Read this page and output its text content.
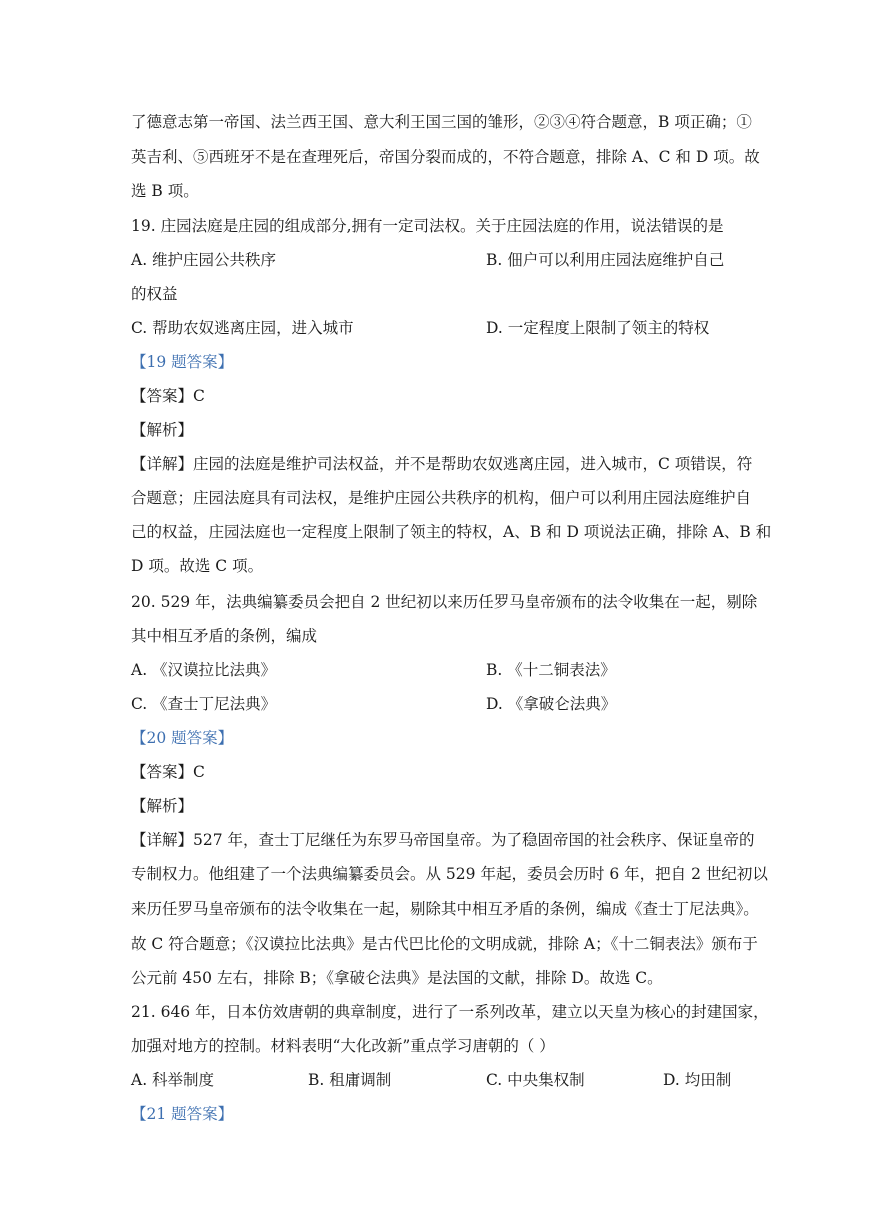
了德意志第一帝国、法兰西王国、意大利王国三国的雏形，②③④符合题意，B 项正确；①
英吉利、⑤西班牙不是在查理死后，帝国分裂而成的，不符合题意，排除 A、C 和 D 项。故
选 B 项。
19. 庄园法庭是庄园的组成部分,拥有一定司法权。关于庄园法庭的作用，说法错误的是
A. 维护庄园公共秩序	B. 佃户可以利用庄园法庭维护自己
的权益
C. 帮助农奴逃离庄园，进入城市	D. 一定程度上限制了领主的特权
【19 题答案】
【答案】C
【解析】
【详解】庄园的法庭是维护司法权益，并不是帮助农奴逃离庄园，进入城市，C 项错误，符
合题意；庄园法庭具有司法权，是维护庄园公共秩序的机构，佃户可以利用庄园法庭维护自
己的权益，庄园法庭也一定程度上限制了领主的特权，A、B 和 D 项说法正确，排除 A、B 和
D 项。故选 C 项。
20. 529 年，法典编纂委员会把自 2 世纪初以来历任罗马皇帝颁布的法令收集在一起，剔除
其中相互矛盾的条例，编成
A. 《汉谟拉比法典》	B. 《十二铜表法》
C. 《查士丁尼法典》	D. 《拿破仑法典》
【20 题答案】
【答案】C
【解析】
【详解】527 年，查士丁尼继任为东罗马帝国皇帝。为了稳固帝国的社会秩序、保证皇帝的
专制权力。他组建了一个法典编纂委员会。从 529 年起，委员会历时 6 年，把自 2 世纪初以
来历任罗马皇帝颁布的法令收集在一起，剔除其中相互矛盾的条例，编成《查士丁尼法典》。
故 C 符合题意；《汉谟拉比法典》是古代巴比伦的文明成就，排除 A；《十二铜表法》颁布于
公元前 450 左右，排除 B；《拿破仑法典》是法国的文献，排除 D。故选 C。
21. 646 年，日本仿效唐朝的典章制度，进行了一系列改革，建立以天皇为核心的封建国家，
加强对地方的控制。材料表明“大化改新”重点学习唐朝的（ ）
A. 科举制度	B. 租庸调制	C. 中央集权制	D. 均田制
【21 题答案】
